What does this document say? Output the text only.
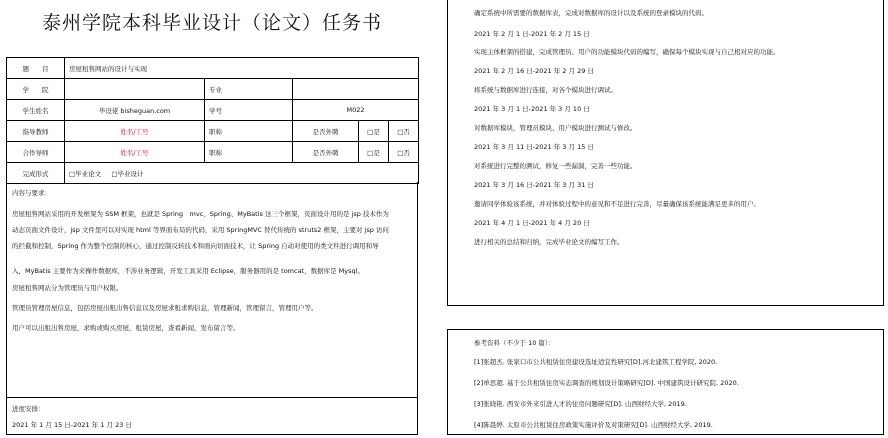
泰州学院本科毕业设计（论文）任务书
题　　目	房屋租售网站的设计与实现				
学　　院		专业			
学生姓名	毕设佬 bisheguan.com	学号	M022		
指导教师	姓名/工号	职称	是否外聘	□是	□否
合作导师	姓名/工号	职称	是否外聘	□是	□否
完成形式	□毕业论文 □毕业设计				

内容与要求：

房屋租售网站采用的开发框架为 SSM 框架，也就是 Spring　mvc、Spring、MyBatis 这三个框架，页面设计用的是 jsp 技术作为

动态页面文件设计，jsp 文件里可以对实现 html 等界面布局的代码，采用 SpringMVC 替代传统的 struts2 框架，主要对 jsp 访问

的拦截和控制，Spring 作为整个控制的核心，通过控制反转技术和面向切面技术，让 Spring 自动对使用的类文件进行调用和导

入，MyBatis 主要作为来操作数据库，不涉业务逻辑，开发工具采用 Eclipse，服务器用的是 tomcat，数据库是 Mysql。

房屋租售网站分为管理员与用户权限。

管理员管理房屋信息，包括房屋出租出售信息以及房屋求租求购信息，管理新闻，管理留言，管理用户等。

用户可以出租出售房屋，求购或购买房屋，租赁房屋，查看新闻，发布留言等。

进度安排：

2021 年 1 月 15 日-2021 年 1 月 23 日

确定系统中所需要的数据库表，完成对数据库的设计以及系统的登录模块的代码。

2021 年 2 月 1 日-2021 年 2 月 15 日

实现主体框架的搭建，完成管理员、用户的功能模块代码的编写，确保每个模块实现与自己相对应的功能。

2021 年 2 月 16 日-2021 年 2 月 29 日

将系统与数据库进行连接，对各个模块进行调试。

2021 年 3 月 1 日-2021 年 3 月 10 日

对数据库模块、管理员模块、用户模块进行测试与修改。

2021 年 3 月 11 日-2021 年 3 月 15 日

对系统进行完整的测试，修复一些漏洞，完善一些功能。

2021 年 3 月 16 日-2021 年 3 月 31 日

邀请同学体验该系统，并对体验过程中的意见和不足进行完善，尽量确保该系统能满足更多的用户。

2021 年 4 月 1 日-2021 年 4 月 20 日

进行相关的总结和归纳，完成毕业论文的编写工作。

参考资料（不少于 10 篇）：

[1]张超杰. 张家口市公共租赁住房建设选址适宜性研究[D].河北建筑工程学院, 2020.

[2]单思超. 基于公共租赁住房实态调查的规划设计策略研究[D]. 中国建筑设计研究院, 2020.

[3]张晓艳. 西安市外来引进人才的住房问题研究[D]. 山西财经大学, 2019.

[4]陈晨婷. 太原市公共租赁住房政策实施评价及对策研究[D]. 山西财经大学, 2019.
